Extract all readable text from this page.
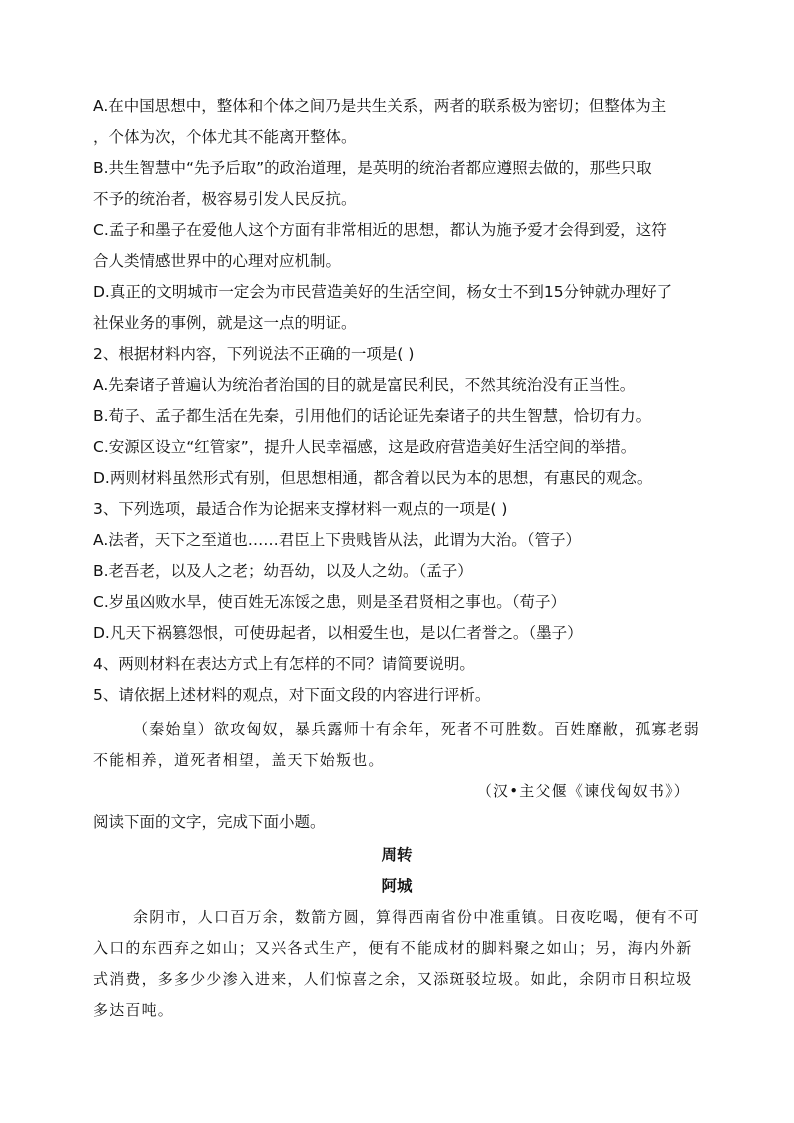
A.在中国思想中，整体和个体之间乃是共生关系，两者的联系极为密切；但整体为主
，个体为次，个体尤其不能离开整体。
B.共生智慧中“先予后取”的政治道理，是英明的统治者都应遵照去做的，那些只取
不予的统治者，极容易引发人民反抗。
C.孟子和墨子在爱他人这个方面有非常相近的思想，都认为施予爱才会得到爱，这符
合人类情感世界中的心理对应机制。
D.真正的文明城市一定会为市民营造美好的生活空间，杨女士不到15分钟就办理好了
社保业务的事例，就是这一点的明证。
2、根据材料内容，下列说法不正确的一项是( )
A.先秦诸子普遍认为统治者治国的目的就是富民利民，不然其统治没有正当性。
B.荀子、孟子都生活在先秦，引用他们的话论证先秦诸子的共生智慧，恰切有力。
C.安源区设立“红管家”，提升人民幸福感，这是政府营造美好生活空间的举措。
D.两则材料虽然形式有别，但思想相通，都含着以民为本的思想，有惠民的观念。
3、下列选项，最适合作为论据来支撑材料一观点的一项是( )
A.法者，天下之至道也……君臣上下贵贱皆从法，此谓为大治。（管子）
B.老吾老，以及人之老；幼吾幼，以及人之幼。（孟子）
C.岁虽凶败水旱，使百姓无冻馁之患，则是圣君贤相之事也。（荀子）
D.凡天下祸篡怨恨，可使毋起者，以相爱生也，是以仁者誉之。（墨子）
4、两则材料在表达方式上有怎样的不同？请简要说明。
5、请依据上述材料的观点，对下面文段的内容进行评析。
（秦始皇）欲攻匈奴，暴兵露师十有余年，死者不可胜数。百姓靡敝，孤寡老弱
不能相养，道死者相望，盖天下始叛也。
（汉•主父偃《谏伐匈奴书》）
阅读下面的文字，完成下面小题。
周转
阿城
余阴市，人口百万余，数箭方圆，算得西南省份中准重镇。日夜吃喝，便有不可
入口的东西弃之如山；又兴各式生产，便有不能成材的脚料聚之如山；另，海内外新
式消费，多多少少渗入进来，人们惊喜之余，又添斑驳垃圾。如此，余阴市日积垃圾
多达百吨。
